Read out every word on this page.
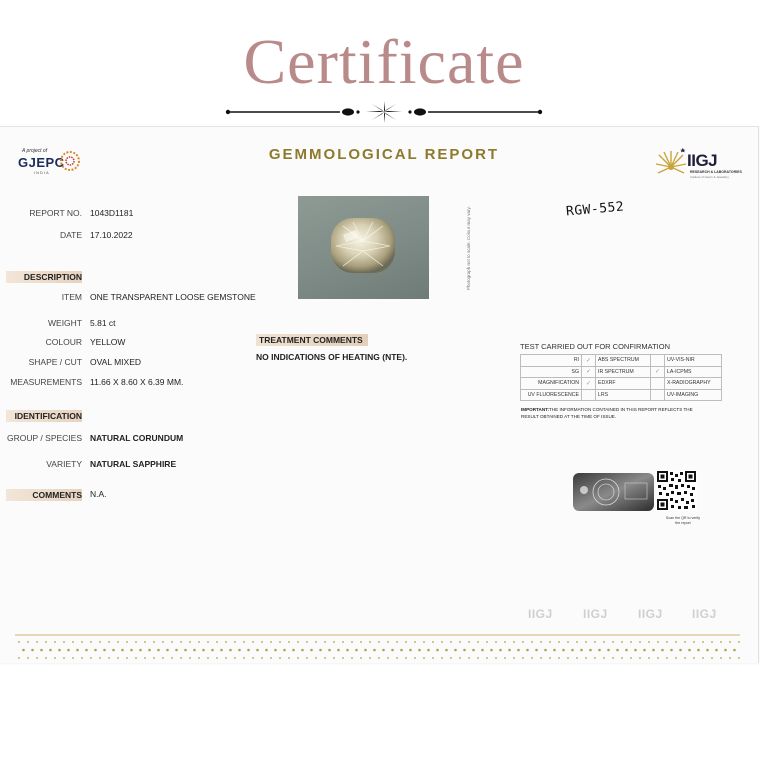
Certificate
A project of
GJEPC
INDIA
GEMMOLOGICAL REPORT	IIGJ
RESEARCH & LABORATORIES
Institute of Gems & Jewellery
REPORT NO. 1043D1181
DATE 17.10.2022
DESCRIPTION
ITEM ONE TRANSPARENT LOOSE GEMSTONE
WEIGHT 5.81 ct
COLOUR YELLOW
SHAPE / CUT OVAL MIXED
MEASUREMENTS 11.66 X 8.60 X 6.39 MM.
IDENTIFICATION
GROUP / SPECIES NATURAL CORUNDUM
VARIETY NATURAL SAPPHIRE
COMMENTS N.A.
Photograph not to scale. Colour may vary.	RGW-552
TREATMENT COMMENTS
NO INDICATIONS OF HEATING (NTE).
TEST CARRIED OUT FOR CONFIRMATION
RI	✓	ABS SPECTRUM		UV-VIS-NIR
SG	✓	IR SPECTRUM	✓	LA-ICPMS
MAGNIFICATION	✓	EDXRF		X-RADIOGRAPHY
UV FLUORESCENCE		LRS		UV-IMAGING
IMPORTANT:THE INFORMATION CONTAINED IN THIS REPORT REFLECTS THE RESULT OBTAINED AT THE TIME OF ISSUE.
Scan the QR to verify the report
IIGJ	IIGJ	IIGJ IIGJ
